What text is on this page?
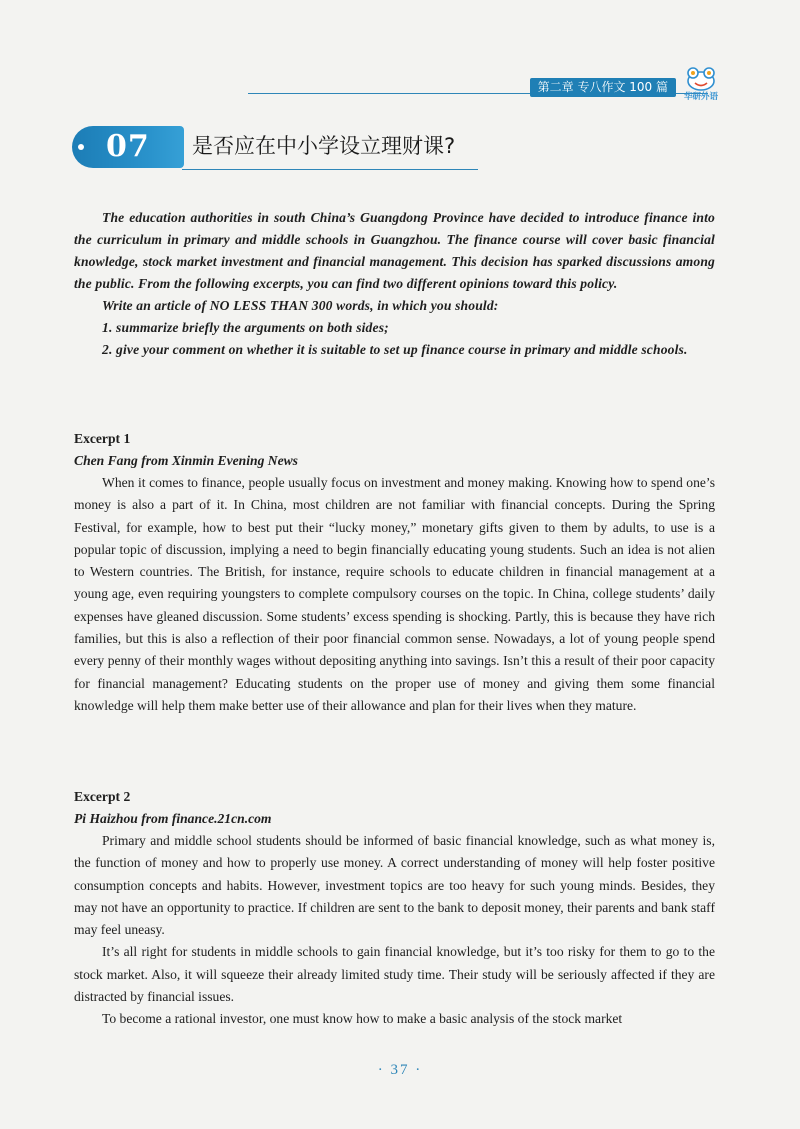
第二章 专八作文 100 篇
华研外语
07 是否应在中小学设立理财课?

The education authorities in south China’s Guangdong Province have decided to introduce finance into the curriculum in primary and middle schools in Guangzhou. The finance course will cover basic financial knowledge, stock market investment and financial management. This decision has sparked discussions among the public. From the following excerpts, you can find two different opinions toward this policy.

Write an article of NO LESS THAN 300 words, in which you should:

1. summarize briefly the arguments on both sides;

2. give your comment on whether it is suitable to set up finance course in primary and middle schools.

Excerpt 1

Chen Fang from Xinmin Evening News

When it comes to finance, people usually focus on investment and money making. Knowing how to spend one’s money is also a part of it. In China, most children are not familiar with financial concepts. During the Spring Festival, for example, how to best put their “lucky money,” monetary gifts given to them by adults, to use is a popular topic of discussion, implying a need to begin financially educating young students. Such an idea is not alien to Western countries. The British, for instance, require schools to educate children in financial management at a young age, even requiring youngsters to complete compulsory courses on the topic. In China, college students’ daily expenses have gleaned discussion. Some students’ excess spending is shocking. Partly, this is because they have rich families, but this is also a reflection of their poor financial common sense. Nowadays, a lot of young people spend every penny of their monthly wages without depositing anything into savings. Isn’t this a result of their poor capacity for financial management? Educating students on the proper use of money and giving them some financial knowledge will help them make better use of their allowance and plan for their lives when they mature.

Excerpt 2

Pi Haizhou from finance.21cn.com

Primary and middle school students should be informed of basic financial knowledge, such as what money is, the function of money and how to properly use money. A correct understanding of money will help foster positive consumption concepts and habits. However, investment topics are too heavy for such young minds. Besides, they may not have an opportunity to practice. If children are sent to the bank to deposit money, their parents and bank staff may feel uneasy.

It’s all right for students in middle schools to gain financial knowledge, but it’s too risky for them to go to the stock market. Also, it will squeeze their already limited study time. Their study will be seriously affected if they are distracted by financial issues.

To become a rational investor, one must know how to make a basic analysis of the stock market

· 37 ·
